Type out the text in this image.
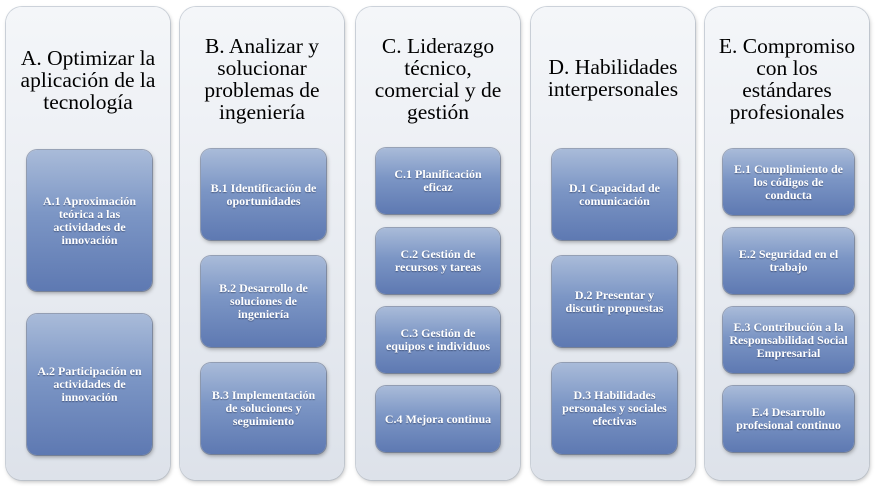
A. Optimizar la aplicación de la tecnología
A.1 Aproximación teórica a las actividades de innovación
A.2 Participación en actividades de innovación
B. Analizar y solucionar problemas de ingeniería
B.1 Identificación de oportunidades
B.2 Desarrollo de soluciones de ingeniería
B.3 Implementación de soluciones y seguimiento
C. Liderazgo técnico, comercial y de gestión
C.1 Planificación eficaz
C.2 Gestión de recursos y tareas
C.3 Gestión de equipos e individuos
C.4 Mejora continua
D. Habilidades interpersonales
D.1 Capacidad de comunicación
D.2 Presentar y discutir propuestas
D.3 Habilidades personales y sociales efectivas
E. Compromiso con los estándares profesionales
E.1 Cumplimiento de los códigos de conducta
E.2 Seguridad en el trabajo
E.3 Contribución a la Responsabilidad Social Empresarial
E.4 Desarrollo profesional continuo
